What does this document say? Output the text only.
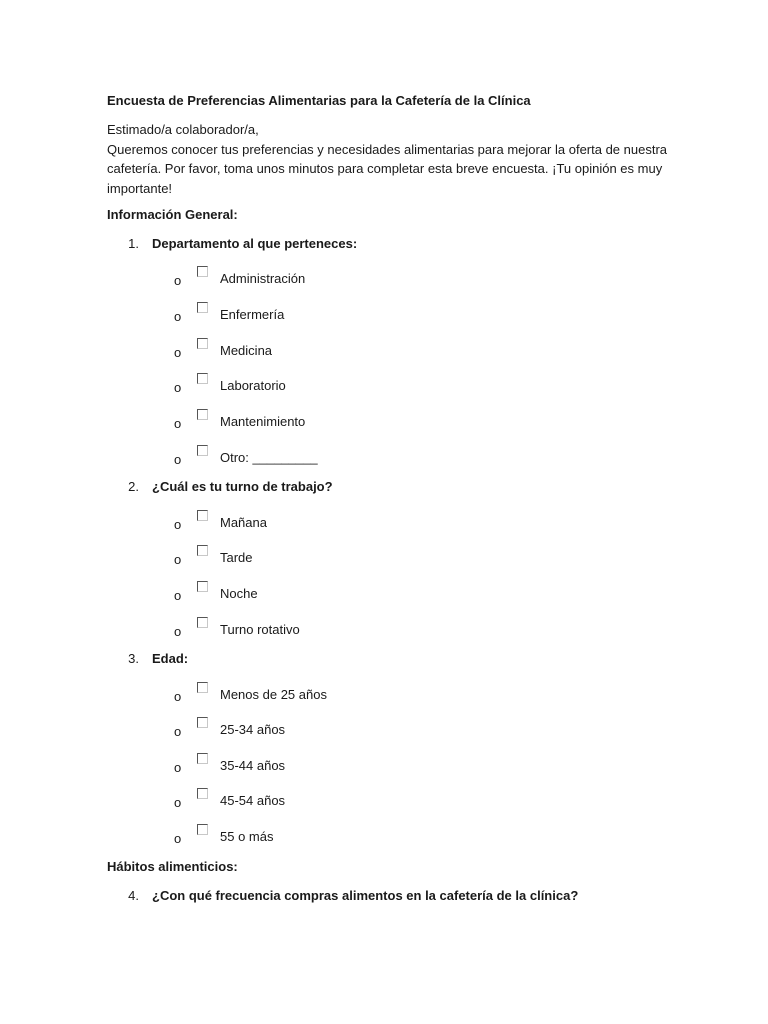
Encuesta de Preferencias Alimentarias para la Cafetería de la Clínica
Estimado/a colaborador/a,
Queremos conocer tus preferencias y necesidades alimentarias para mejorar la oferta de nuestra
cafetería. Por favor, toma unos minutos para completar esta breve encuesta. ¡Tu opinión es muy
importante!
Información General:
1. Departamento al que perteneces:
o	Administración
o	Enfermería
o	Medicina
o	Laboratorio
o	Mantenimiento
o	Otro: _________
2. ¿Cuál es tu turno de trabajo?
o	Mañana
o	Tarde
o	Noche
o	Turno rotativo
3. Edad:
o	Menos de 25 años
o	25-34 años
o	35-44 años
o	45-54 años
o	55 o más
Hábitos alimenticios:
4. ¿Con qué frecuencia compras alimentos en la cafetería de la clínica?
